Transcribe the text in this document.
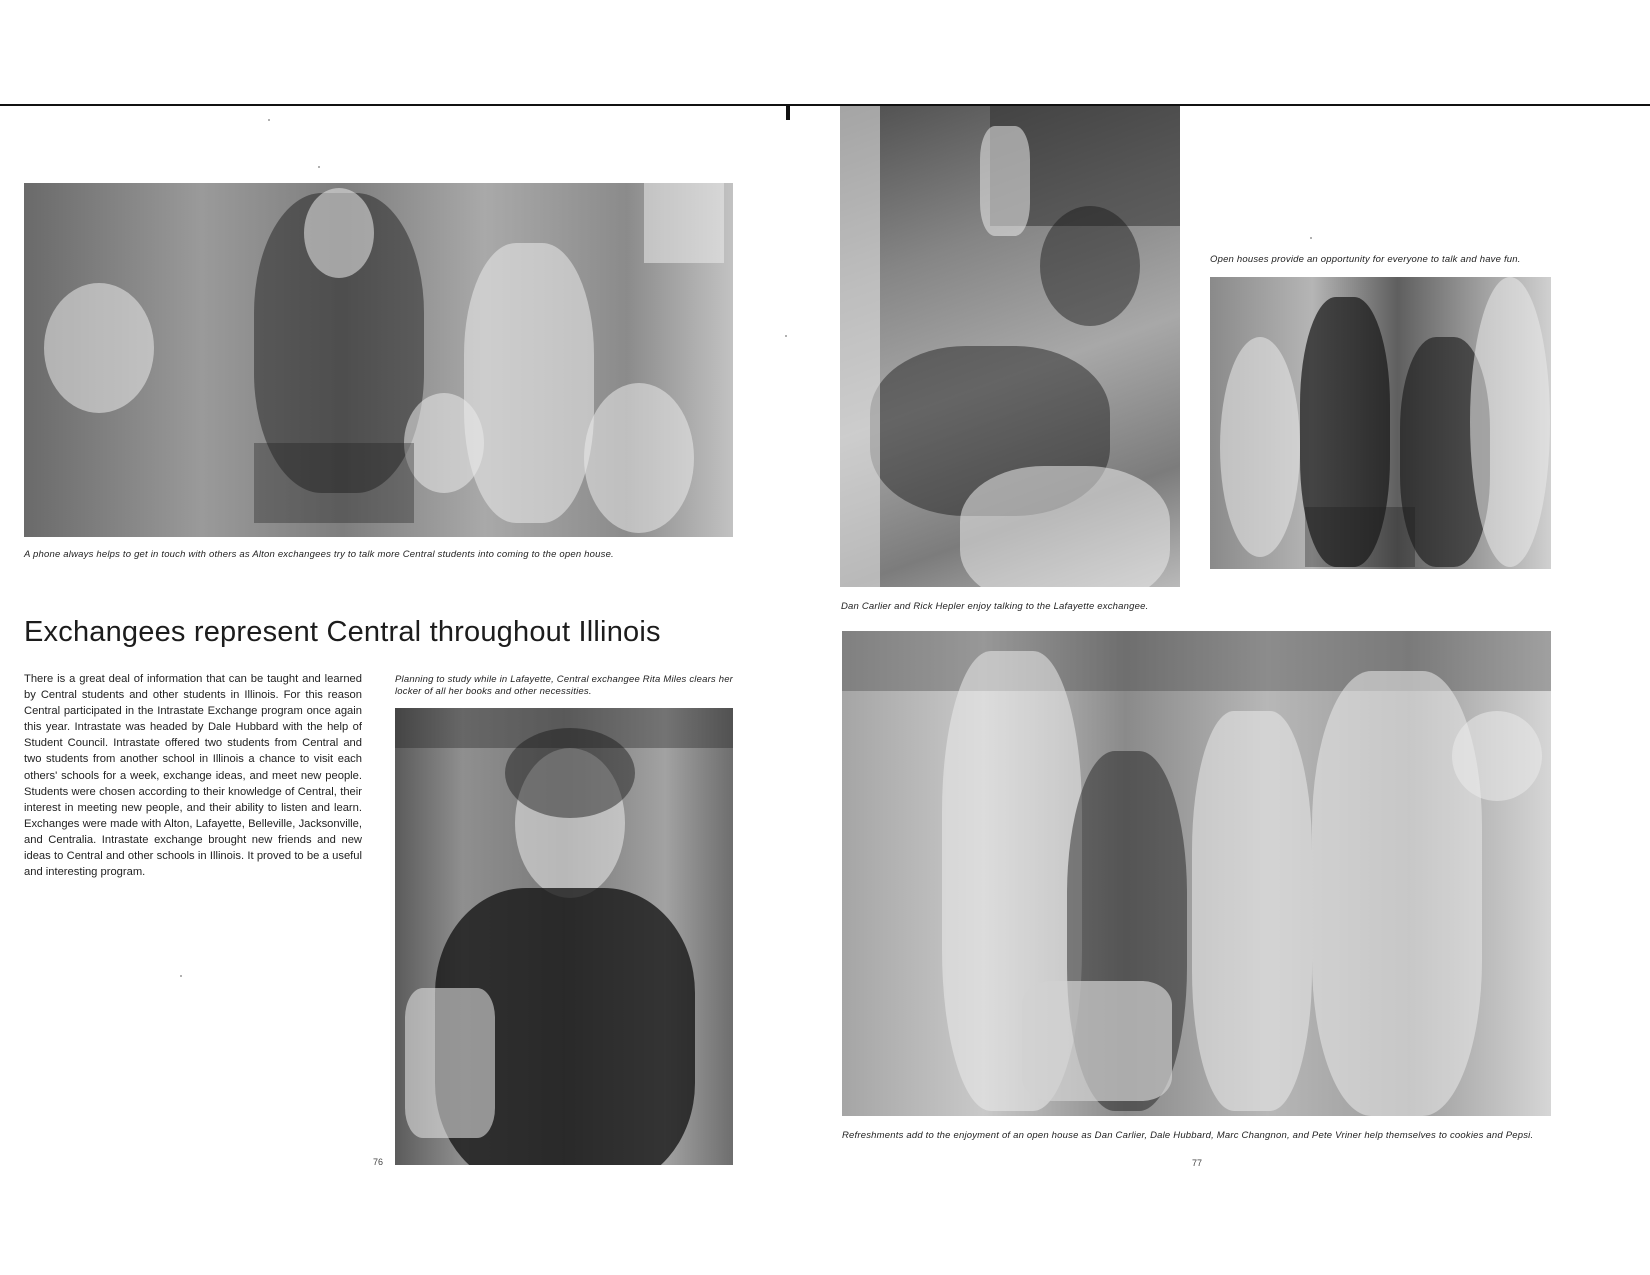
A phone always helps to get in touch with others as Alton exchangees try to talk more Central students into coming to the open house.
Exchangees represent Central throughout Illinois
There is a great deal of information that can be taught and learned by Central students and other students in Illinois. For this reason Central participated in the Intrastate Exchange program once again this year. Intrastate was headed by Dale Hubbard with the help of Student Council. Intrastate offered two students from Central and two students from another school in Illinois a chance to visit each others' schools for a week, exchange ideas, and meet new people. Students were chosen according to their knowledge of Central, their interest in meeting new people, and their ability to listen and learn. Exchanges were made with Alton, Lafayette, Belleville, Jacksonville, and Centralia. Intrastate exchange brought new friends and new ideas to Central and other schools in Illinois. It proved to be a useful and interesting program.
Planning to study while in Lafayette, Central exchangee Rita Miles clears her locker of all her books and other necessities.
76
Dan Carlier and Rick Hepler enjoy talking to the Lafayette exchangee.
Open houses provide an opportunity for everyone to talk and have fun.
Refreshments add to the enjoyment of an open house as Dan Carlier, Dale Hubbard, Marc Changnon, and Pete Vriner help themselves to cookies and Pepsi.
77
